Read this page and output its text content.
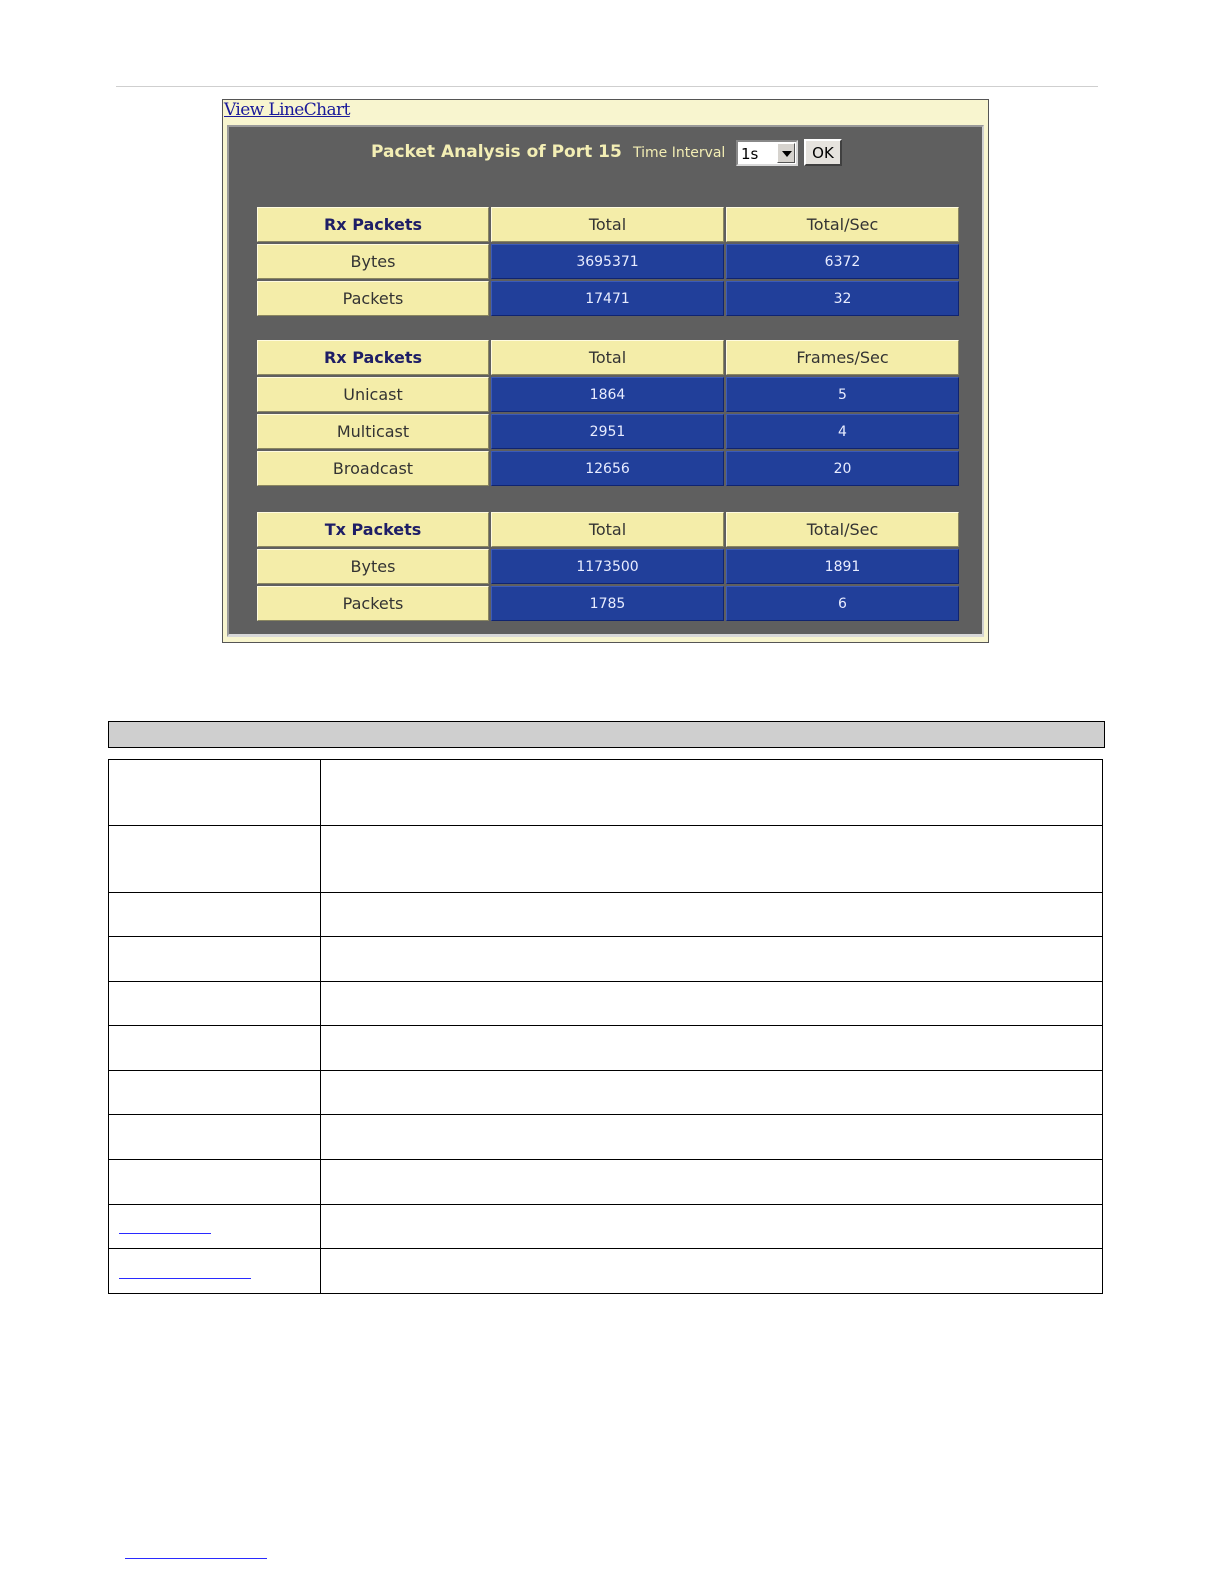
View LineChart
Packet Analysis of Port 15 Time Interval 1s	OK
Rx Packets	Total	Total/Sec
Bytes	3695371	6372
Packets	17471	32
Rx Packets	Total	Frames/Sec
Unicast	1864	5
Multicast	2951	4
Broadcast	12656	20
Tx Packets	Total	Total/Sec
Bytes	1173500	1891
Packets	1785	6
